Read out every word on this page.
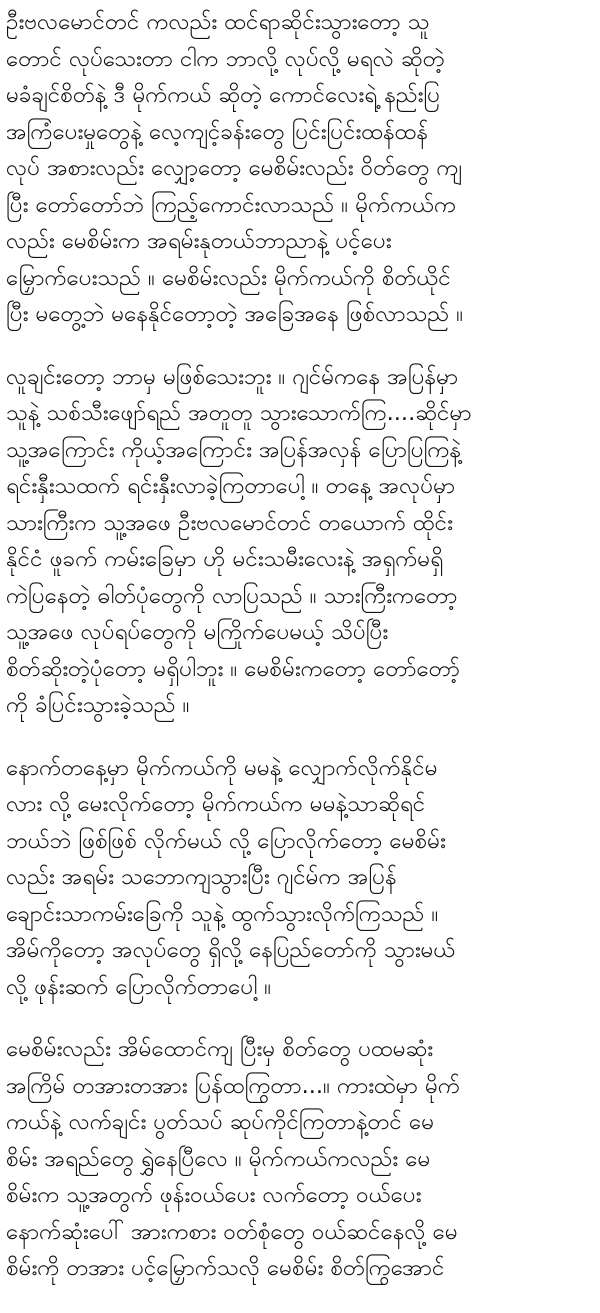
ဦးဗလမောင်တင် ကလည်း ထင်ရာဆိုင်းသွားတော့ သူ
တောင် လုပ်သေးတာ ငါက ဘာလို့ လုပ်လို့ မရလဲ ဆိုတဲ့
မခံချင်စိတ်နဲ့ ဒီ မိုက်ကယ် ဆိုတဲ့ ကောင်လေးရဲ့ နည်းပြ
အကြံပေးမှုတွေနဲ့ လေ့ကျင့်ခန်းတွေ ပြင်းပြင်းထန်ထန်
လုပ် အစားလည်း လျှော့တော့ မေစိမ်းလည်း ဝိတ်တွေ ကျ
ပြီး တော်တော်ဘဲ ကြည့်ကောင်းလာသည် ။ မိုက်ကယ်က
လည်း မေစိမ်းက အရမ်းနုတယ်ဘာညာနဲ့ ပင့်ပေး
မြှောက်ပေးသည် ။ မေစိမ်းလည်း မိုက်ကယ်ကို စိတ်ယိုင်
ပြီး မတွေ့ဘဲ မနေနိုင်တော့တဲ့ အခြေအနေ ဖြစ်လာသည် ။
လူချင်းတော့ ဘာမှ မဖြစ်သေးဘူး ။ ဂျင်မ်ကနေ အပြန်မှာ
သူနဲ့ သစ်သီးဖျော်ရည် အတူတူ သွားသောက်ကြ....ဆိုင်မှာ
သူ့အကြောင်း ကိုယ့်အကြောင်း အပြန်အလှန် ပြောပြကြနဲ့
ရင်းနှီးသထက် ရင်းနှီးလာခဲ့ကြတာပေါ့ ။ တနေ့ အလုပ်မှာ
သားကြီးက သူ့အဖေ ဦးဗလမောင်တင် တယောက် ထိုင်း
နိုင်ငံ ဖူခက် ကမ်းခြေမှာ ဟို မင်းသမီးလေးနဲ့ အရှက်မရှိ
ကဲပြနေတဲ့ ဓါတ်ပုံတွေကို လာပြသည် ။ သားကြီးကတော့
သူ့အဖေ လုပ်ရပ်တွေကို မကြိုက်ပေမယ့် သိပ်ပြီး
စိတ်ဆိုးတဲ့ပုံတော့ မရှိပါဘူး ။ မေစိမ်းကတော့ တော်တော့်
ကို ခံပြင်းသွားခဲ့သည် ။
နောက်တနေ့မှာ မိုက်ကယ်ကို မမနဲ့ လျှောက်လိုက်နိုင်မ
လား လို့ မေးလိုက်တော့ မိုက်ကယ်က မမနဲ့သာဆိုရင်
ဘယ်ဘဲ ဖြစ်ဖြစ် လိုက်မယ် လို့ ပြောလိုက်တော့ မေစိမ်း
လည်း အရမ်း သဘောကျသွားပြီး ဂျင်မ်က အပြန်
ချောင်းသာကမ်းခြေကို သူနဲ့ ထွက်သွားလိုက်ကြသည် ။
အိမ်ကိုတော့ အလုပ်တွေ ရှိလို့ နေပြည်တော်ကို သွားမယ်
လို့ ဖုန်းဆက် ပြောလိုက်တာပေါ့ ။
မေစိမ်းလည်း အိမ်ထောင်ကျ ပြီးမှ စိတ်တွေ ပထမဆုံး
အကြိမ် တအားတအား ပြန်ထကြွတာ...။ ကားထဲမှာ မိုက်
ကယ်နဲ့ လက်ချင်း ပွတ်သပ် ဆုပ်ကိုင်ကြတာနဲ့တင် မေ
စိမ်း အရည်တွေ ရွှဲနေပြီလေ ။ မိုက်ကယ်ကလည်း မေ
စိမ်းက သူ့အတွက် ဖုန်းဝယ်ပေး လက်တော့ ဝယ်ပေး
နောက်ဆုံးပေါ် အားကစား ဝတ်စုံတွေ ဝယ်ဆင်နေလို့ မေ
စိမ်းကို တအား ပင့်မြှောက်သလို မေစိမ်း စိတ်ကြွအောင်
